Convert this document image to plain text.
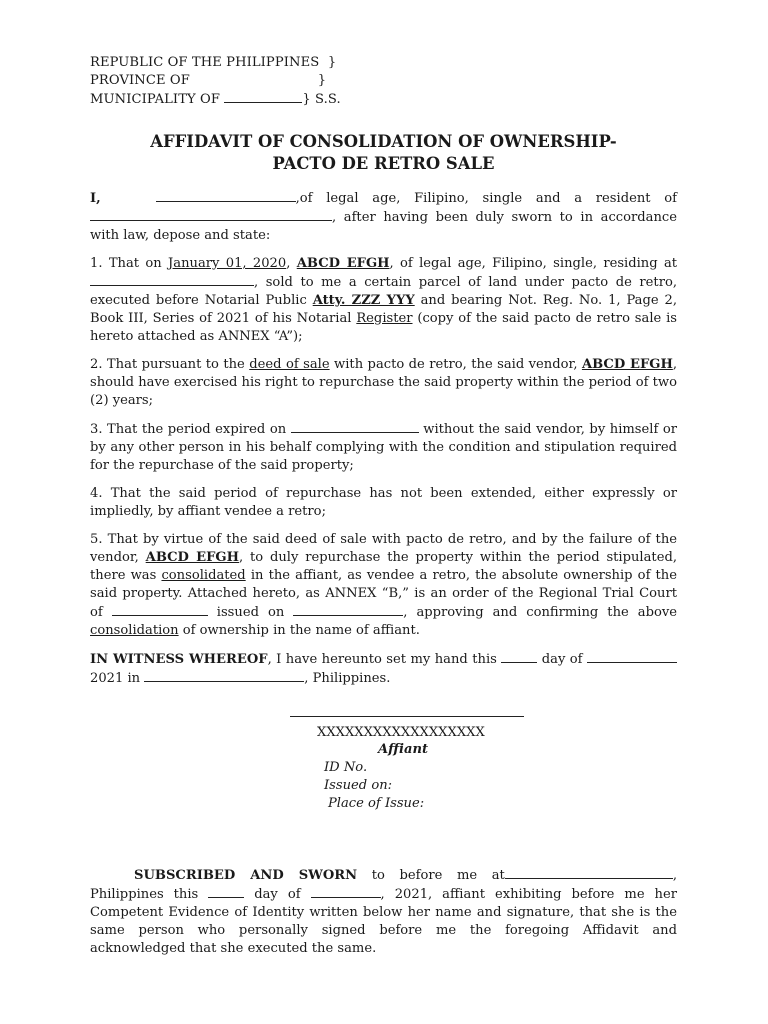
REPUBLIC OF THE PHILIPPINES  }
PROVINCE OF                              }
MUNICIPALITY OF	} S.S.
AFFIDAVIT OF CONSOLIDATION OF OWNERSHIP-
PACTO DE RETRO SALE

I,	,of legal age, Filipino, single and a resident of, after having been duly sworn to in accordance with law, depose and state:

1. That on January 01, 2020, ABCD EFGH, of legal age, Filipino, single, residing at, sold to me a certain parcel of land under pacto de retro, executed before Notarial Public Atty. ZZZ YYY and bearing Not. Reg. No. 1, Page 2, Book III, Series of 2021 of his Notarial Register (copy of the said pacto de retro sale is hereto attached as ANNEX “A”);

2. That pursuant to the deed of sale with pacto de retro, the said vendor, ABCD EFGH, should have exercised his right to repurchase the said property within the period of two (2) years;

3. That the period expired on	without the said vendor, by himself or by any other person in his behalf complying with the condition and stipulation required for the repurchase of the said property;

4. That the said period of repurchase has not been extended, either expressly or impliedly, by affiant vendee a retro;

5. That by virtue of the said deed of sale with pacto de retro, and by the failure of the vendor, ABCD EFGH, to duly repurchase the property within the period stipulated, there was consolidated in the affiant, as vendee a retro, the absolute ownership of the said property. Attached hereto, as ANNEX “B,” is an order of the Regional Trial Court of	issued on	, approving and confirming the above consolidation of ownership in the name of affiant.

IN WITNESS WHEREOF, I have hereunto set my hand this	day of  2021 in	, Philippines.

XXXXXXXXXXXXXXXXXX
Affiant
ID No.
Issued on:
Place of Issue:

SUBSCRIBED AND SWORN to before me at	, Philippines this	day of	, 2021, affiant exhibiting before me her Competent Evidence of Identity written below her name and signature, that she is the same person who personally signed before me the foregoing Affidavit and acknowledged that she executed the same.
